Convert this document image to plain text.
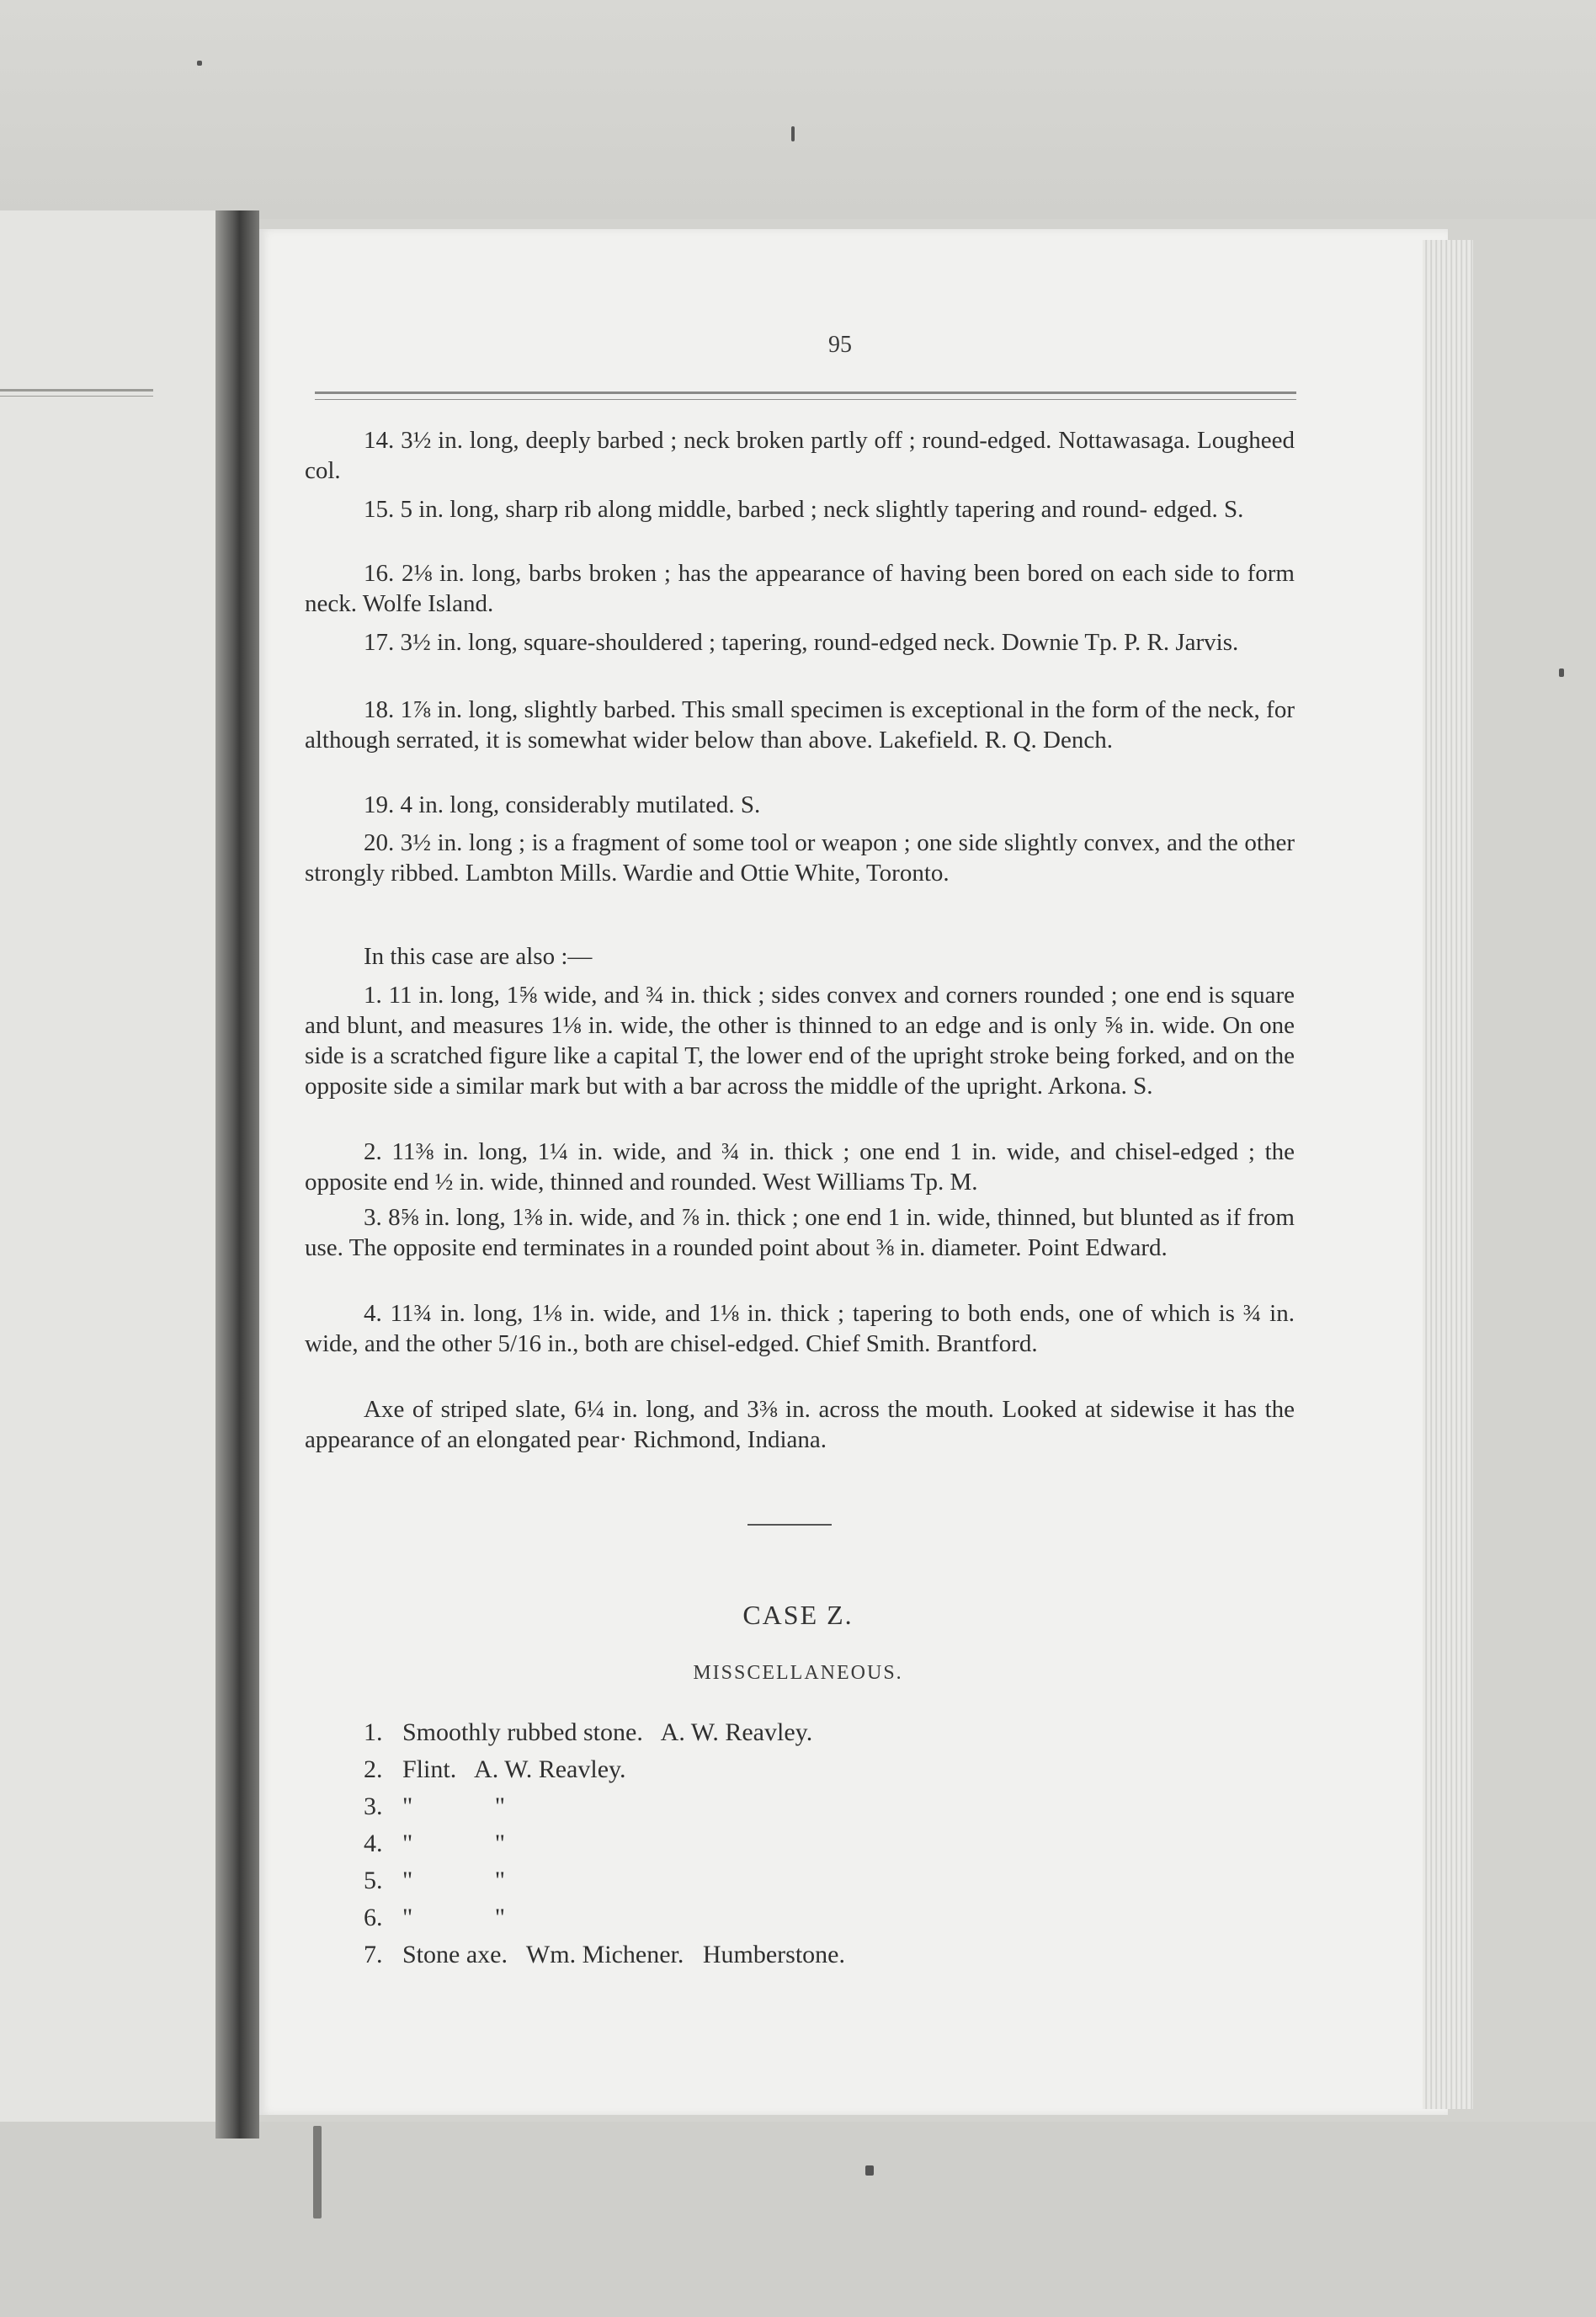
95
14. 3½ in. long, deeply barbed ; neck broken partly off ; round-edged. Nottawasaga. Lougheed col.
15. 5 in. long, sharp rib along middle, barbed ; neck slightly tapering and round- edged. S.
16. 2⅛ in. long, barbs broken ; has the appearance of having been bored on each side to form neck. Wolfe Island.
17. 3½ in. long, square-shouldered ; tapering, round-edged neck. Downie Tp. P. R. Jarvis.
18. 1⅞ in. long, slightly barbed. This small specimen is exceptional in the form of the neck, for although serrated, it is somewhat wider below than above. Lakefield. R. Q. Dench.
19. 4 in. long, considerably mutilated. S.
20. 3½ in. long ; is a fragment of some tool or weapon ; one side slightly convex, and the other strongly ribbed. Lambton Mills. Wardie and Ottie White, Toronto.
In this case are also :—
1. 11 in. long, 1⅝ wide, and ¾ in. thick ; sides convex and corners rounded ; one end is square and blunt, and measures 1⅛ in. wide, the other is thinned to an edge and is only ⅝ in. wide. On one side is a scratched figure like a capital T, the lower end of the upright stroke being forked, and on the opposite side a similar mark but with a bar across the middle of the upright. Arkona. S.
2. 11⅜ in. long, 1¼ in. wide, and ¾ in. thick ; one end 1 in. wide, and chisel-edged ; the opposite end ½ in. wide, thinned and rounded. West Williams Tp. M.
3. 8⅝ in. long, 1⅜ in. wide, and ⅞ in. thick ; one end 1 in. wide, thinned, but blunted as if from use. The opposite end terminates in a rounded point about ⅜ in. diameter. Point Edward.
4. 11¾ in. long, 1⅛ in. wide, and 1⅛ in. thick ; tapering to both ends, one of which is ¾ in. wide, and the other 5/16 in., both are chisel-edged. Chief Smith. Brantford.
Axe of striped slate, 6¼ in. long, and 3⅜ in. across the mouth. Looked at sidewise it has the appearance of an elongated pear· Richmond, Indiana.
CASE Z.
MISSCELLANEOUS.
1. Smoothly rubbed stone.   A. W. Reavley.
2. Flint.   A. W. Reavley.
3. "             "
4. "             "
5. "             "
6. "             "
7. Stone axe.   Wm. Michener.   Humberstone.
